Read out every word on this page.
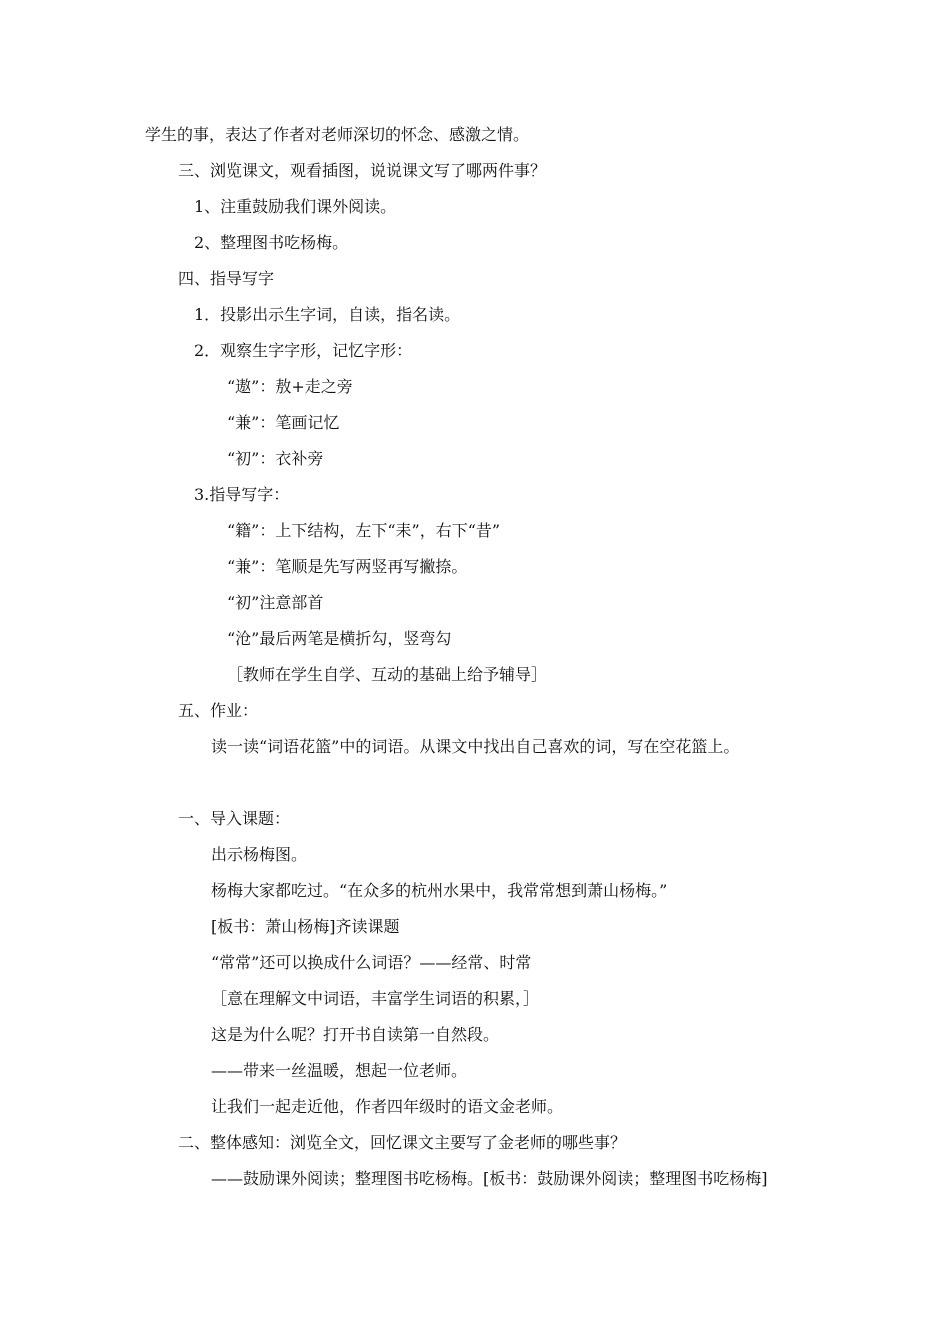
学生的事，表达了作者对老师深切的怀念、感激之情。
三、浏览课文，观看插图，说说课文写了哪两件事？
1、注重鼓励我们课外阅读。
2、整理图书吃杨梅。
四、指导写字
1．投影出示生字词，自读，指名读。
2．观察生字字形，记忆字形：
“遨”：敖+走之旁
“兼”：笔画记忆
“初”：衣补旁
3.指导写字：
“籍”：上下结构，左下“耒”，右下“昔”
“兼”：笔顺是先写两竖再写撇捺。
“初”注意部首
“沧”最后两笔是横折勾，竖弯勾
［教师在学生自学、互动的基础上给予辅导］
五、作业：
读一读“词语花篮”中的词语。从课文中找出自己喜欢的词，写在空花篮上。
一、导入课题：
出示杨梅图。
杨梅大家都吃过。“在众多的杭州水果中，我常常想到萧山杨梅。”
[板书：萧山杨梅]齐读课题
“常常”还可以换成什么词语？——经常、时常
［意在理解文中词语，丰富学生词语的积累，］
这是为什么呢？打开书自读第一自然段。
——带来一丝温暖，想起一位老师。
让我们一起走近他，作者四年级时的语文金老师。
二、整体感知：浏览全文，回忆课文主要写了金老师的哪些事？
——鼓励课外阅读；整理图书吃杨梅。[板书：鼓励课外阅读；整理图书吃杨梅]
